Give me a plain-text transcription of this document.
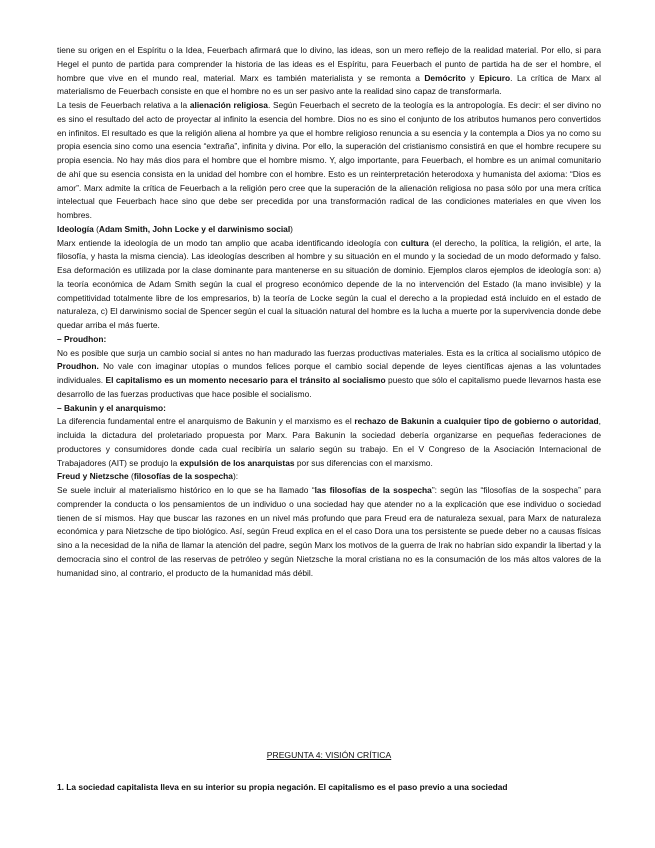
tiene su origen en el Espíritu o la Idea, Feuerbach afirmará que lo divino, las ideas, son un mero reflejo de la realidad material. Por ello, si para Hegel el punto de partida para comprender la historia de las ideas es el Espíritu, para Feuerbach el punto de partida ha de ser el hombre, el hombre que vive en el mundo real, material. Marx es también materialista y se remonta a Demócrito y Epicuro. La crítica de Marx al materialismo de Feuerbach consiste en que el hombre no es un ser pasivo ante la realidad sino capaz de transformarla.

La tesis de Feuerbach relativa a la alienación religiosa. Según Feuerbach el secreto de la teología es la antropología. Es decir: el ser divino no es sino el resultado del acto de proyectar al infinito la esencia del hombre. Dios no es sino el conjunto de los atributos humanos pero convertidos en infinitos. El resultado es que la religión aliena al hombre ya que el hombre religioso renuncia a su esencia y la contempla a Dios ya no como su propia esencia sino como una esencia “extraña”, infinita y divina. Por ello, la superación del cristianismo consistirá en que el hombre recupere su propia esencia. No hay más dios para el hombre que el hombre mismo. Y, algo importante, para Feuerbach, el hombre es un animal comunitario de ahí que su esencia consista en la unidad del hombre con el hombre. Esto es un reinterpretación heterodoxa y humanista del axioma: “Dios es amor”. Marx admite la crítica de Feuerbach a la religión pero cree que la superación de la alienación religiosa no pasa sólo por una mera crítica intelectual que Feuerbach hace sino que debe ser precedida por una transformación radical de las condiciones materiales en que viven los hombres.

Ideología (Adam Smith, John Locke y el darwinismo social)

Marx entiende la ideología de un modo tan amplio que acaba identificando ideología con cultura (el derecho, la política, la religión, el arte, la filosofía, y hasta la misma ciencia). Las ideologías describen al hombre y su situación en el mundo y la sociedad de un modo deformado y falso. Esa deformación es utilizada por la clase dominante para mantenerse en su situación de dominio. Ejemplos claros ejemplos de ideología son: a) la teoría económica de Adam Smith según la cual el progreso económico depende de la no intervención del Estado (la mano invisible) y la competitividad totalmente libre de los empresarios, b) la teoría de Locke según la cual el derecho a la propiedad está incluido en el estado de naturaleza, c) El darwinismo social de Spencer según el cual la situación natural del hombre es la lucha a muerte por la supervivencia donde debe quedar arriba el más fuerte.

– Proudhon:

No es posible que surja un cambio social si antes no han madurado las fuerzas productivas materiales. Esta es la crítica al socialismo utópico de Proudhon. No vale con imaginar utopías o mundos felices porque el cambio social depende de leyes científicas ajenas a las voluntades individuales. El capitalismo es un momento necesario para el tránsito al socialismo puesto que sólo el capitalismo puede llevarnos hasta ese desarrollo de las fuerzas productivas que hace posible el socialismo.

– Bakunin y el anarquismo:

La diferencia fundamental entre el anarquismo de Bakunin y el marxismo es el rechazo de Bakunin a cualquier tipo de gobierno o autoridad, incluida la dictadura del proletariado propuesta por Marx. Para Bakunin la sociedad debería organizarse en pequeñas federaciones de productores y consumidores donde cada cual recibiría un salario según su trabajo. En el V Congreso de la Asociación Internacional de Trabajadores (AIT) se produjo la expulsión de los anarquistas por sus diferencias con el marxismo.

Freud y Nietzsche (filosofías de la sospecha):

Se suele incluir al materialismo histórico en lo que se ha llamado “las filosofías de la sospecha”: según las “filosofías de la sospecha” para comprender la conducta o los pensamientos de un individuo o una sociedad hay que atender no a la explicación que ese individuo o sociedad tienen de sí mismos. Hay que buscar las razones en un nivel más profundo que para Freud era de naturaleza sexual, para Marx de naturaleza económica y para Nietzsche de tipo biológico. Así, según Freud explica en el el caso Dora una tos persistente se puede deber no a causas físicas sino a la necesidad de la niña de llamar la atención del padre, según Marx los motivos de la guerra de Irak no habrían sido expandir la libertad y la democracia sino el control de las reservas de petróleo y según Nietzsche la moral cristiana no es la consumación de los más altos valores de la humanidad sino, al contrario, el producto de la humanidad más débil.

PREGUNTA 4: VISIÓN CRÍTICA

1. La sociedad capitalista lleva en su interior su propia negación. El capitalismo es el paso previo a una sociedad
